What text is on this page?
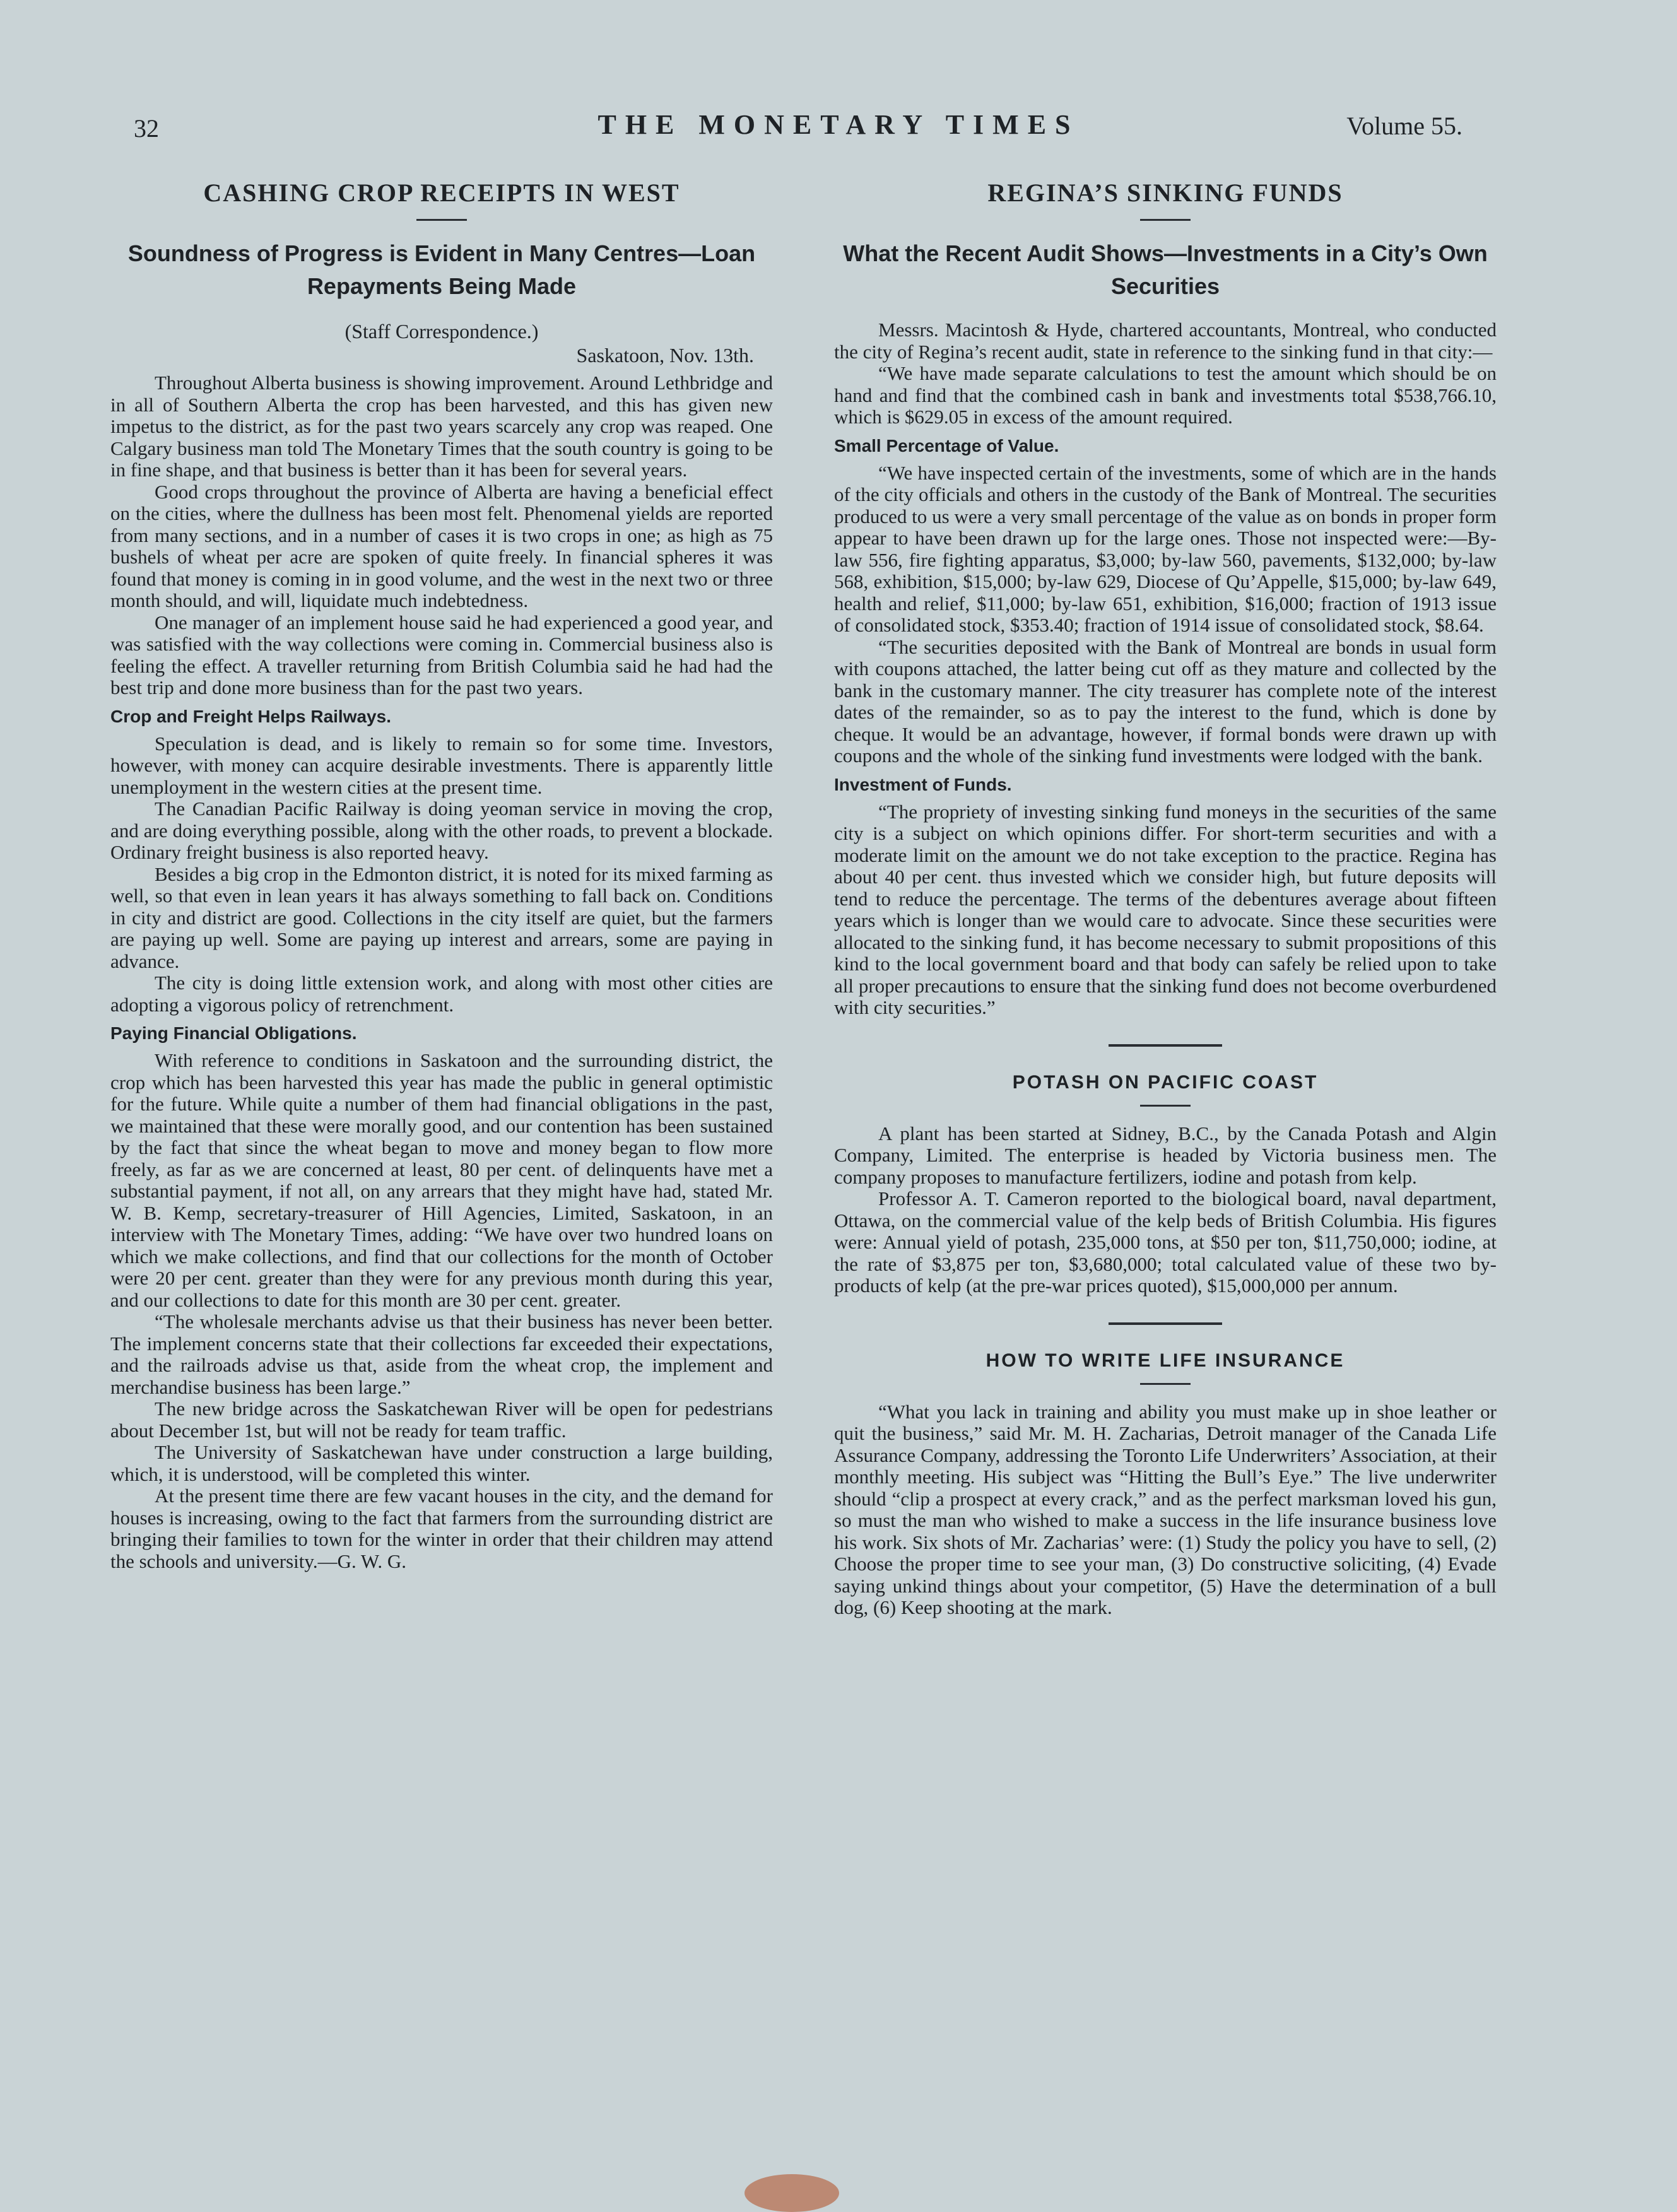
32	THE MONETARY TIMES	Volume 55.
CASHING CROP RECEIPTS IN WEST
Soundness of Progress is Evident in Many Centres—Loan Repayments Being Made
(Staff Correspondence.)
Saskatoon, Nov. 13th.

Throughout Alberta business is showing improvement. Around Lethbridge and in all of Southern Alberta the crop has been harvested, and this has given new impetus to the district, as for the past two years scarcely any crop was reaped. One Calgary business man told The Monetary Times that the south country is going to be in fine shape, and that business is better than it has been for several years.

Good crops throughout the province of Alberta are having a beneficial effect on the cities, where the dullness has been most felt. Phenomenal yields are reported from many sections, and in a number of cases it is two crops in one; as high as 75 bushels of wheat per acre are spoken of quite freely. In financial spheres it was found that money is coming in in good volume, and the west in the next two or three month should, and will, liquidate much indebtedness.

One manager of an implement house said he had experienced a good year, and was satisfied with the way collections were coming in. Commercial business also is feeling the effect. A traveller returning from British Columbia said he had had the best trip and done more business than for the past two years.

Crop and Freight Helps Railways.

Speculation is dead, and is likely to remain so for some time. Investors, however, with money can acquire desirable investments. There is apparently little unemployment in the western cities at the present time.

The Canadian Pacific Railway is doing yeoman service in moving the crop, and are doing everything possible, along with the other roads, to prevent a blockade. Ordinary freight business is also reported heavy.

Besides a big crop in the Edmonton district, it is noted for its mixed farming as well, so that even in lean years it has always something to fall back on. Conditions in city and district are good. Collections in the city itself are quiet, but the farmers are paying up well. Some are paying up interest and arrears, some are paying in advance.

The city is doing little extension work, and along with most other cities are adopting a vigorous policy of retrenchment.

Paying Financial Obligations.

With reference to conditions in Saskatoon and the surrounding district, the crop which has been harvested this year has made the public in general optimistic for the future. While quite a number of them had financial obligations in the past, we maintained that these were morally good, and our contention has been sustained by the fact that since the wheat began to move and money began to flow more freely, as far as we are concerned at least, 80 per cent. of delinquents have met a substantial payment, if not all, on any arrears that they might have had, stated Mr. W. B. Kemp, secretary-treasurer of Hill Agencies, Limited, Saskatoon, in an interview with The Monetary Times, adding: “We have over two hundred loans on which we make collections, and find that our collections for the month of October were 20 per cent. greater than they were for any previous month during this year, and our collections to date for this month are 30 per cent. greater.

“The wholesale merchants advise us that their business has never been better. The implement concerns state that their collections far exceeded their expectations, and the railroads advise us that, aside from the wheat crop, the implement and merchandise business has been large.”

The new bridge across the Saskatchewan River will be open for pedestrians about December 1st, but will not be ready for team traffic.

The University of Saskatchewan have under construction a large building, which, it is understood, will be completed this winter.

At the present time there are few vacant houses in the city, and the demand for houses is increasing, owing to the fact that farmers from the surrounding district are bringing their families to town for the winter in order that their children may attend the schools and university.—G. W. G.

REGINA’S SINKING FUNDS
What the Recent Audit Shows—Investments in a City’s Own Securities

Messrs. Macintosh & Hyde, chartered accountants, Montreal, who conducted the city of Regina’s recent audit, state in reference to the sinking fund in that city:—

“We have made separate calculations to test the amount which should be on hand and find that the combined cash in bank and investments total $538,766.10, which is $629.05 in excess of the amount required.

Small Percentage of Value.

“We have inspected certain of the investments, some of which are in the hands of the city officials and others in the custody of the Bank of Montreal. The securities produced to us were a very small percentage of the value as on bonds in proper form appear to have been drawn up for the large ones. Those not inspected were:—By-law 556, fire fighting apparatus, $3,000; by-law 560, pavements, $132,000; by-law 568, exhibition, $15,000; by-law 629, Diocese of Qu’Appelle, $15,000; by-law 649, health and relief, $11,000; by-law 651, exhibition, $16,000; fraction of 1913 issue of consolidated stock, $353.40; fraction of 1914 issue of consolidated stock, $8.64.

“The securities deposited with the Bank of Montreal are bonds in usual form with coupons attached, the latter being cut off as they mature and collected by the bank in the customary manner. The city treasurer has complete note of the interest dates of the remainder, so as to pay the interest to the fund, which is done by cheque. It would be an advantage, however, if formal bonds were drawn up with coupons and the whole of the sinking fund investments were lodged with the bank.

Investment of Funds.

“The propriety of investing sinking fund moneys in the securities of the same city is a subject on which opinions differ. For short-term securities and with a moderate limit on the amount we do not take exception to the practice. Regina has about 40 per cent. thus invested which we consider high, but future deposits will tend to reduce the percentage. The terms of the debentures average about fifteen years which is longer than we would care to advocate. Since these securities were allocated to the sinking fund, it has become necessary to submit propositions of this kind to the local government board and that body can safely be relied upon to take all proper precautions to ensure that the sinking fund does not become overburdened with city securities.”

POTASH ON PACIFIC COAST

A plant has been started at Sidney, B.C., by the Canada Potash and Algin Company, Limited. The enterprise is headed by Victoria business men. The company proposes to manufacture fertilizers, iodine and potash from kelp.

Professor A. T. Cameron reported to the biological board, naval department, Ottawa, on the commercial value of the kelp beds of British Columbia. His figures were: Annual yield of potash, 235,000 tons, at $50 per ton, $11,750,000; iodine, at the rate of $3,875 per ton, $3,680,000; total calculated value of these two by-products of kelp (at the pre-war prices quoted), $15,000,000 per annum.

HOW TO WRITE LIFE INSURANCE

“What you lack in training and ability you must make up in shoe leather or quit the business,” said Mr. M. H. Zacharias, Detroit manager of the Canada Life Assurance Company, addressing the Toronto Life Underwriters’ Association, at their monthly meeting. His subject was “Hitting the Bull’s Eye.” The live underwriter should “clip a prospect at every crack,” and as the perfect marksman loved his gun, so must the man who wished to make a success in the life insurance business love his work. Six shots of Mr. Zacharias’ were: (1) Study the policy you have to sell, (2) Choose the proper time to see your man, (3) Do constructive soliciting, (4) Evade saying unkind things about your competitor, (5) Have the determination of a bull dog, (6) Keep shooting at the mark.
